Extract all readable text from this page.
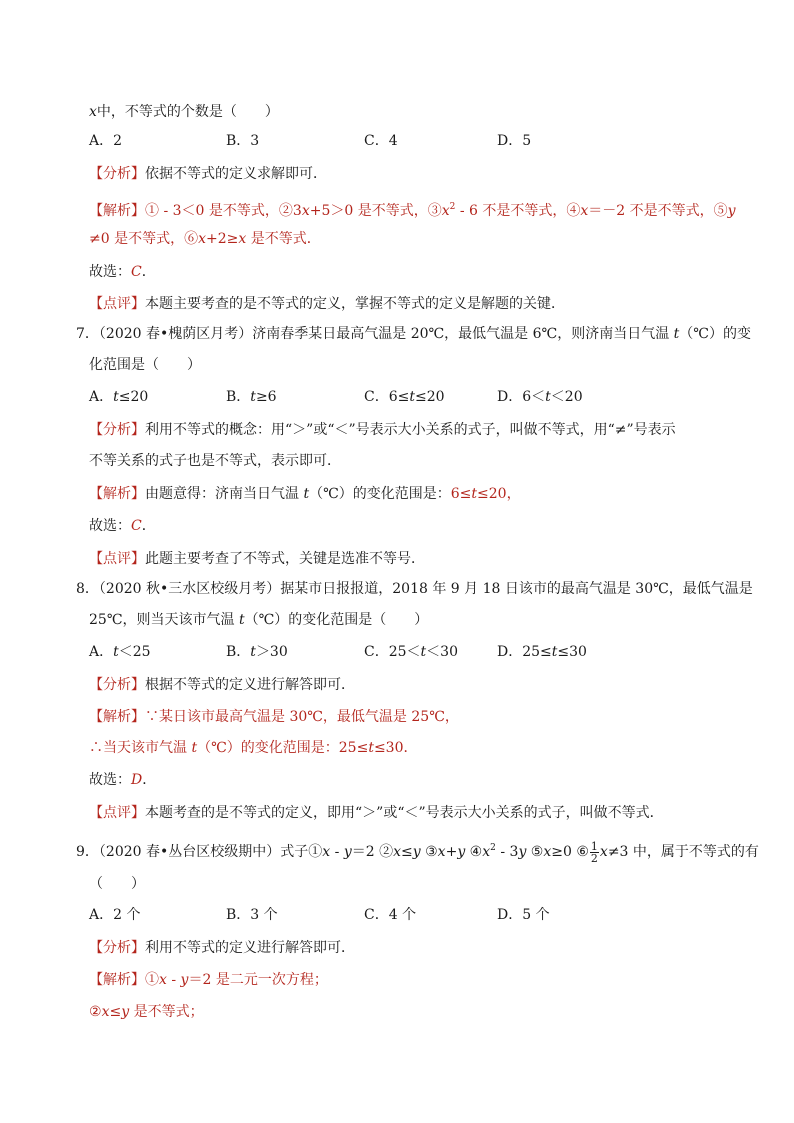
x中，不等式的个数是（　　）
A．2	B．3	C．4	D．5
【分析】依据不等式的定义求解即可．
【解析】① - 3＜0 是不等式，②3x+5＞0 是不等式，$③x^2 - 6$ 不是不等式，④x＝－2 不是不等式，⑤y
≠0 是不等式，⑥x+2≥x 是不等式．
故选：C．
【点评】本题主要考查的是不等式的定义，掌握不等式的定义是解题的关键．
7．（2020 春•槐荫区月考）济南春季某日最高气温是 20℃，最低气温是 6℃，则济南当日气温 t（℃）的变
化范围是（　　）
A．t≤20	B．t≥6	C．6≤t≤20	D．6＜t＜20
【分析】利用不等式的概念：用“＞”或“＜”号表示大小关系的式子，叫做不等式，用“≠”号表示
不等关系的式子也是不等式，表示即可．
【解析】由题意得：济南当日气温 t（℃）的变化范围是：6≤t≤20，
故选：C．
【点评】此题主要考查了不等式，关键是选准不等号．
8．（2020 秋•三水区校级月考）据某市日报报道，2018 年 9 月 18 日该市的最高气温是 30℃，最低气温是
25℃，则当天该市气温 t（℃）的变化范围是（　　）
A．t＜25	B．t＞30	C．25＜t＜30	D．25≤t≤30
【分析】根据不等式的定义进行解答即可．
【解析】∵某日该市最高气温是 30℃，最低气温是 25℃，
∴当天该市气温 t（℃）的变化范围是：25≤t≤30．
故选：D．
【点评】本题考查的是不等式的定义，即用“＞”或“＜”号表示大小关系的式子，叫做不等式．
9．（2020 春•丛台区校级期中）式子①x - y＝2 ②x≤y ③x+y $④x^2 - 3y$ ⑤x≥0 ⑥ $\frac{1}{2} x\ne 3$ 中，属于不等式的有
（　　）
A．2 个	B．3 个	C．4 个	D．5 个
【分析】利用不等式的定义进行解答即可．
【解析】①x - y＝2 是二元一次方程；
②x≤y 是不等式；
